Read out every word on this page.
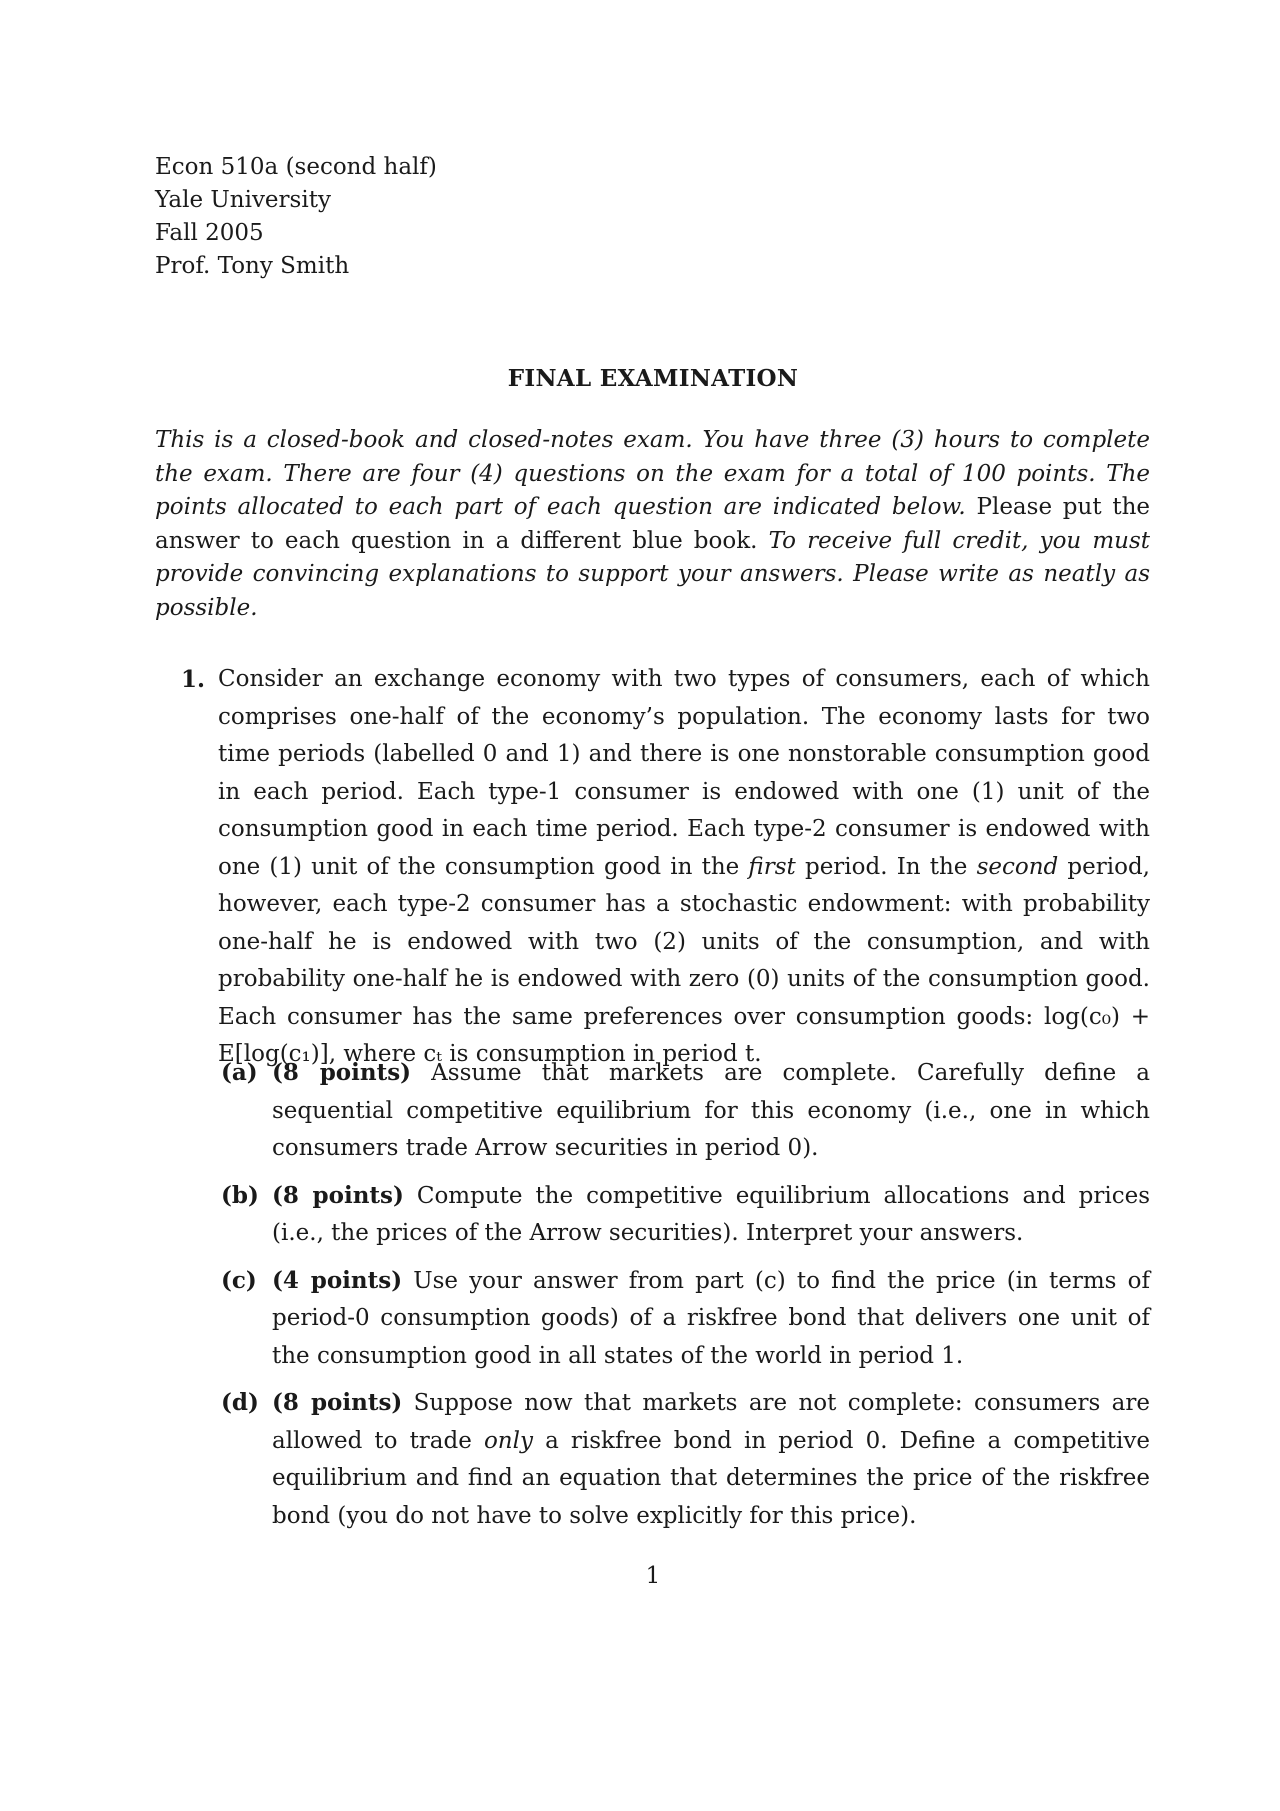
Econ 510a (second half)
Yale University
Fall 2005
Prof. Tony Smith
FINAL EXAMINATION
This is a closed-book and closed-notes exam. You have three (3) hours to complete the exam. There are four (4) questions on the exam for a total of 100 points. The points allocated to each part of each question are indicated below. Please put the answer to each question in a different blue book. To receive full credit, you must provide convincing explanations to support your answers. Please write as neatly as possible.
1. Consider an exchange economy with two types of consumers, each of which comprises one-half of the economy’s population. The economy lasts for two time periods (labelled 0 and 1) and there is one nonstorable consumption good in each period. Each type-1 consumer is endowed with one (1) unit of the consumption good in each time period. Each type-2 consumer is endowed with one (1) unit of the consumption good in the first period. In the second period, however, each type-2 consumer has a stochastic endowment: with probability one-half he is endowed with two (2) units of the consumption, and with probability one-half he is endowed with zero (0) units of the consumption good. Each consumer has the same preferences over consumption goods: log(c₀) + E[log(c₁)], where cₜ is consumption in period t.
(a) (8 points) Assume that markets are complete. Carefully define a sequential competitive equilibrium for this economy (i.e., one in which consumers trade Arrow securities in period 0).
(b) (8 points) Compute the competitive equilibrium allocations and prices (i.e., the prices of the Arrow securities). Interpret your answers.
(c) (4 points) Use your answer from part (c) to find the price (in terms of period-0 consumption goods) of a riskfree bond that delivers one unit of the consumption good in all states of the world in period 1.
(d) (8 points) Suppose now that markets are not complete: consumers are allowed to trade only a riskfree bond in period 0. Define a competitive equilibrium and find an equation that determines the price of the riskfree bond (you do not have to solve explicitly for this price).
1
